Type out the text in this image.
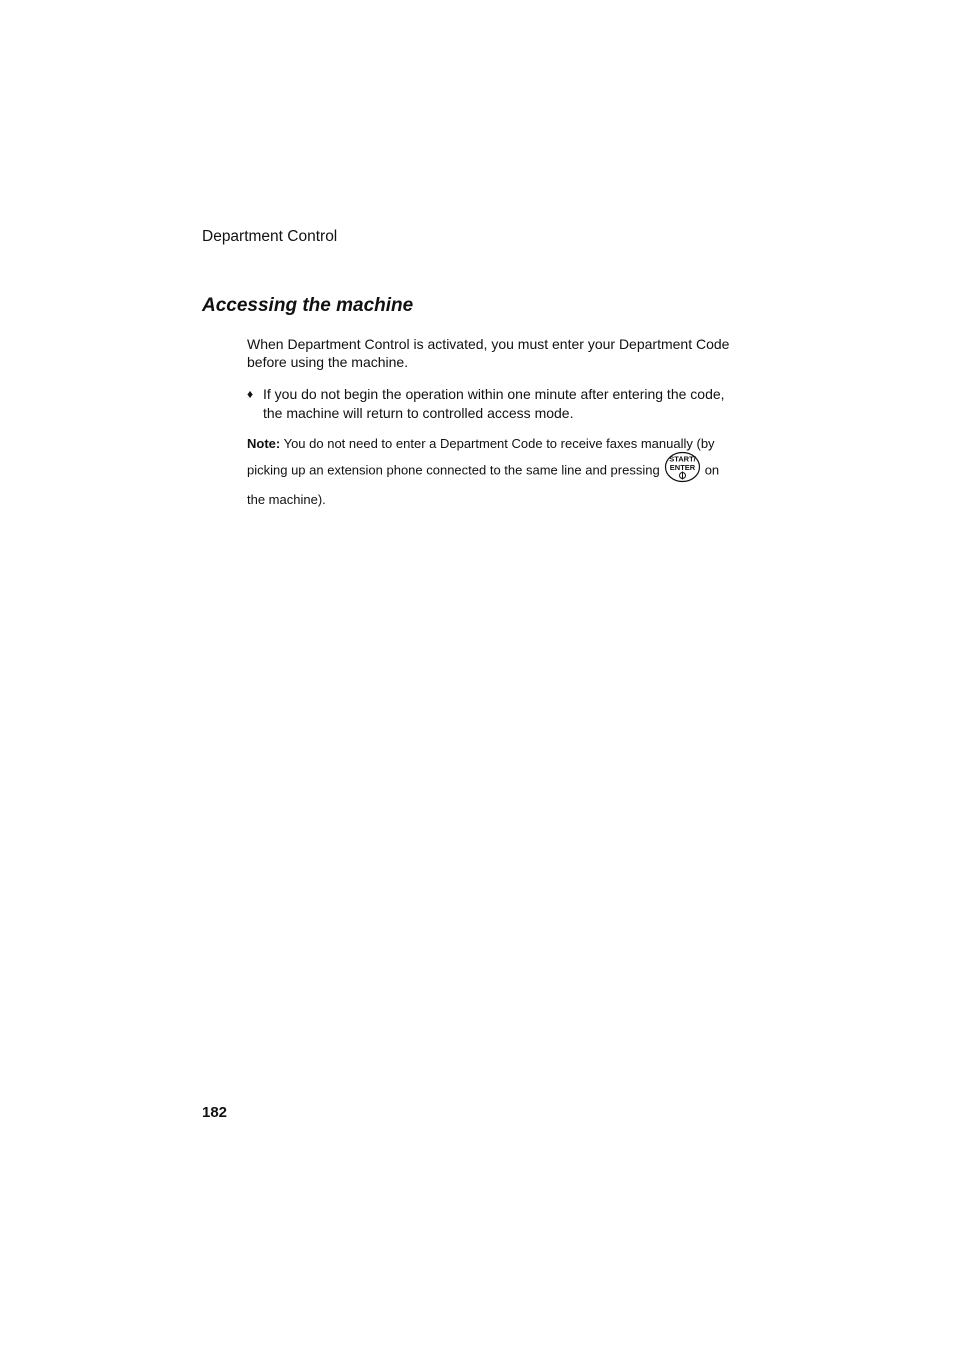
Department Control
Accessing the machine

When Department Control is activated, you must enter your Department Code before using the machine.

♦ If you do not begin the operation within one minute after entering the code, the machine will return to controlled access mode.
Note: You do not need to enter a Department Code to receive faxes manually (by
picking up an extension phone connected to the same line and pressing
START/
ENTER on
the machine).
182
